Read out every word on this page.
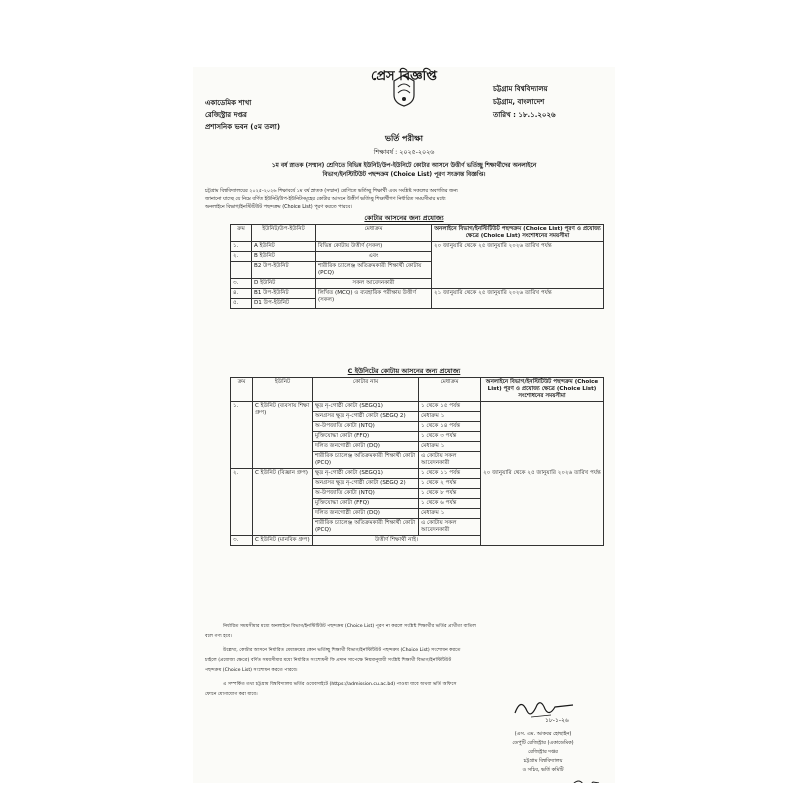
প্রেস বিজ্ঞপ্তি
একাডেমিক শাখা
রেজিস্ট্রার দপ্তর
প্রশাসনিক ভবন (৫ম তলা)
চট্টগ্রাম বিশ্ববিদ্যালয়
চট্টগ্রাম, বাংলাদেশ
তারিখ : ১৮.১.২০২৬
ভর্তি পরীক্ষা
শিক্ষাবর্ষ : ২০২৫-২০২৬
১ম বর্ষ স্নাতক (সম্মান) শ্রেণিতে বিভিন্ন ইউনিট/উপ-ইউনিটে কোটার আসনে উত্তীর্ণ ভর্তিচ্ছু শিক্ষার্থীদের অনলাইনে
বিভাগ/ইনস্টিটিউট পছন্দক্রম (Choice List) পূরণ সংক্রান্ত বিজ্ঞপ্তি।
চট্টগ্রাম বিশ্ববিদ্যালয়ের ২০২৫-২০২৬ শিক্ষাবর্ষে ১ম বর্ষ স্নাতক (সম্মান) শ্রেণিতে ভর্তিচ্ছু শিক্ষার্থী এবং সংশ্লিষ্ট সকলের অবগতির জন্য
জানানো যাচ্ছে যে নিম্নে বর্ণিত ইউনিট/উপ-ইউনিটসমূহের কোটার আসনে উত্তীর্ণ ভর্তিচ্ছু শিক্ষার্থীগণ নির্ধারিত সময়সীমার মধ্যে
অনলাইনে বিভাগ/ইনস্টিটিউট পছন্দক্রম (Choice List) পূরণ করতে পারবে।
কোটার আসনের জন্য প্রযোজ্য
ক্রম	ইউনিট/উপ-ইউনিট	মেধাক্রম	অনলাইনে বিভাগ/ইনস্টিটিউট পছন্দক্রম (Choice List) পূরণ ও প্রযোজ্য ক্ষেত্রে (Choice List) সংশোধনের সময়সীমা
১.	A ইউনিট	বিভিন্ন কোটায় উত্তীর্ণ (সকল)	২০ জানুয়ারি থেকে ২৫ জানুয়ারি ২০২৬ তারিখ পর্যন্ত
২.	B ইউনিট	এবং	
	B2 উপ-ইউনিট	শারীরিক চ্যালেঞ্জ অতিক্রমকারী শিক্ষার্থী কোটায় (PCQ)	
৩.	D ইউনিট	সকল আবেদনকারী	
৪.	B1 উপ-ইউনিট	লিখিত (MCQ) ও ব্যবহারিক পরীক্ষায় উত্তীর্ণ (সকল)	২১ জানুয়ারি থেকে ২৫ জানুয়ারি ২০২৬ তারিখ পর্যন্ত
৫.	D1 উপ-ইউনিট		
C ইউনিটের কোটায় আসনের জন্য প্রযোজ্য
ক্রম	ইউনিট	কোটার নাম	মেধাক্রম	অনলাইনে বিভাগ/ইনস্টিটিউট পছন্দক্রম (Choice List) পূরণ ও প্রযোজ্য ক্ষেত্রে (Choice List) সংশোধনের সময়সীমা
১.	C ইউনিট (ব্যবসায় শিক্ষা গ্রুপ)	ক্ষুদ্র নৃ-গোষ্ঠী কোটা (SEGQ1)	১ থেকে ১৫ পর্যন্ত	২০ জানুয়ারি থেকে ২৫ জানুয়ারি ২০২৬ তারিখ পর্যন্ত
		অনগ্রসর ক্ষুদ্র নৃ-গোষ্ঠী কোটা (SEGQ 2)	মেধাক্রম ১	
		অ-উপজাতি কোটা (NTQ)	১ থেকে ১৪ পর্যন্ত	
		মুক্তিযোদ্ধা কোটা (FFQ)	১ থেকে ৩ পর্যন্ত	
		দলিত জনগোষ্ঠী কোটা (DQ)	মেধাক্রম ১	
		শারীরিক চ্যালেঞ্জ অতিক্রমকারী শিক্ষার্থী কোটা (PCQ)	এ কোটায় সকল আবেদনকারী	
২.	C ইউনিট (বিজ্ঞান গ্রুপ)	ক্ষুদ্র নৃ-গোষ্ঠী কোটা (SEGQ1)	১ থেকে ১১ পর্যন্ত	
		অনগ্রসর ক্ষুদ্র নৃ-গোষ্ঠী কোটা (SEGQ 2)	১ থেকে ২ পর্যন্ত	
		অ-উপজাতি কোটা (NTQ)	১ থেকে ৮ পর্যন্ত	
		মুক্তিযোদ্ধা কোটা (FFQ)	১ থেকে ৬ পর্যন্ত	
		দলিত জনগোষ্ঠী কোটা (DQ)	মেধাক্রম ১	
		শারীরিক চ্যালেঞ্জ অতিক্রমকারী শিক্ষার্থী কোটা (PCQ)	এ কোটায় সকল আবেদনকারী	
৩.	C ইউনিট (মানবিক গ্রুপ)	উত্তীর্ণ শিক্ষার্থী নাই।		
নির্ধারিত সময়সীমার মধ্যে অনলাইনে বিভাগ/ইনস্টিটিউট পছন্দক্রম (Choice List) পূরণ না করলে সংশ্লিষ্ট শিক্ষার্থীর ভর্তির প্রার্থীতা বাতিল
বলে গণ্য হবে।
উল্লেখ্য, কোটার আসনে নির্ধারিত মেধাক্রমের কোন ভর্তিচ্ছু শিক্ষার্থী বিভাগ/ইনস্টিটিউট পছন্দক্রম (Choice List) সংশোধন করতে
চাইলে (প্রযোজ্য ক্ষেত্রে) বর্ণিত সময়সীমার মধ্যে নির্ধারিত সংশোধনী ফি প্রদান সাপেক্ষে নিয়মানুযায়ী সংশ্লিষ্ট শিক্ষার্থী বিভাগ/ইনস্টিটিউট
পছন্দক্রম (Choice List) সংশোধন করতে পারবে।
এ সম্পর্কিত তথ্য চট্টগ্রাম বিশ্ববিদ্যালয় ভর্তির ওয়েবসাইটে (https://admission.cu.ac.bd) পাওয়া যাবে অথবা ভর্তি অফিসে
ফোনে যোগাযোগ করা যাবে।
১৮-১-২৬
(এস. এম. আকবর হোছাইন)
ডেপুটি রেজিস্ট্রার (একাডেমিক)
রেজিস্ট্রার দপ্তর
চট্টগ্রাম বিশ্ববিদ্যালয়
ও সচিব, ভর্তি কমিটি
